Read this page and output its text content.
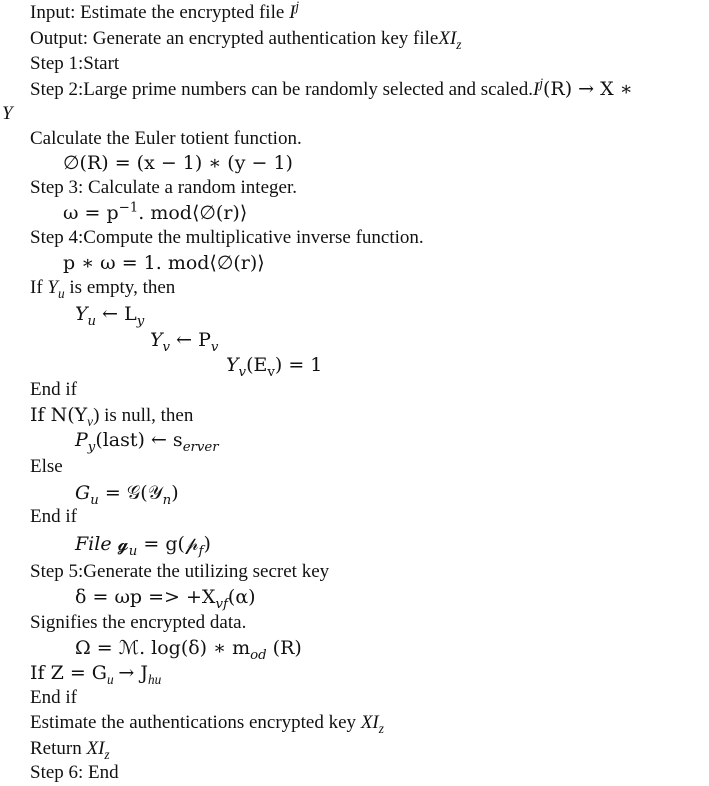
Input: Estimate the encrypted file $I^j$
Output: Generate an encrypted authentication key fileXI$_z$
Step 1:Start
Step 2:Large prime numbers can be randomly selected and $scaled.I^j(R) \to X$ ∗
Y
Calculate the Euler totient function.
∅(R) = (x − 1) ∗ (y − 1)
Step 3: Calculate a random integer.
$\omega = p^{-1}$. mod⟨∅(r)⟩
Step 4:Compute the multiplicative inverse function.
p ∗ ω = 1. mod⟨∅(r)⟩
If $Y_u$ is empty, then
$Y_u$ ← $L_y$
$Y_v$ ← $P_v$
$Y_v(E_v) = 1$
End if
If $N(Y_v)$ is null, then
$P_y(last)$ ← $s_{erver}$
Else
$G_u$ = 𝒢(𝒴$_n$)
End if
File 𝓰$_u$ = g(𝓅$_f$)
Step 5:Generate the utilizing secret key
$\delta = \omega p => +X_{vf}(\alpha)$
Signifies the encrypted data.
Ω = ℳ. log(δ) ∗ $m_{od}$ (R)
If $Z = G_u \to J_{hu}$
End if
Estimate the authentications encrypted key $XI_z$
Return $XI_z$
Step 6: End
